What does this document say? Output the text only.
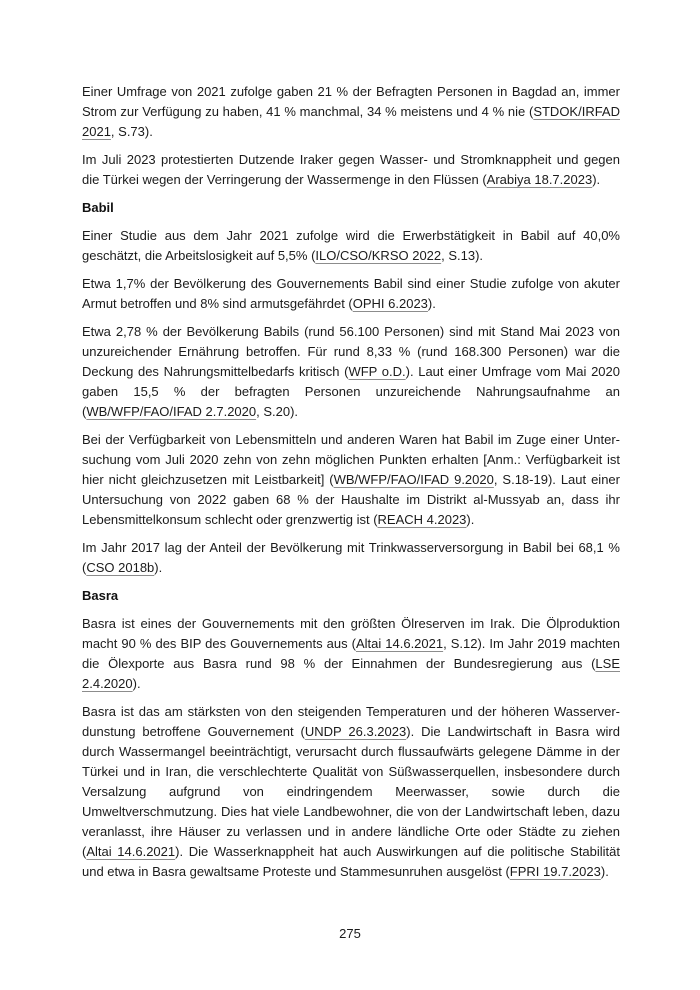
Einer Umfrage von 2021 zufolge gaben 21 % der Befragten Personen in Bagdad an, immer Strom zur Verfügung zu haben, 41 % manchmal, 34 % meistens und 4 % nie (STDOK/IRFAD 2021, S.73).

Im Juli 2023 protestierten Dutzende Iraker gegen Wasser- und Stromknappheit und gegen die Türkei wegen der Verringerung der Wassermenge in den Flüssen (Arabiya 18.7.2023).

Babil

Einer Studie aus dem Jahr 2021 zufolge wird die Erwerbstätigkeit in Babil auf 40,0% geschätzt, die Arbeitslosigkeit auf 5,5% (ILO/CSO/KRSO 2022, S.13).

Etwa 1,7% der Bevölkerung des Gouvernements Babil sind einer Studie zufolge von akuter Armut betroffen und 8% sind armutsgefährdet (OPHI 6.2023).

Etwa 2,78 % der Bevölkerung Babils (rund 56.100 Personen) sind mit Stand Mai 2023 von unzureichender Ernährung betroffen. Für rund 8,33 % (rund 168.300 Personen) war die Deckung des Nahrungsmittelbedarfs kritisch (WFP o.D.). Laut einer Umfrage vom Mai 2020 gaben 15,5 % der befragten Personen unzureichende Nahrungsaufnahme an (WB/WFP/FAO/IFAD 2.7.2020, S.20).

Bei der Verfügbarkeit von Lebensmitteln und anderen Waren hat Babil im Zuge einer Untersuchung vom Juli 2020 zehn von zehn möglichen Punkten erhalten [Anm.: Verfügbarkeit ist hier nicht gleichzusetzen mit Leistbarkeit] (WB/WFP/FAO/IFAD 9.2020, S.18-19). Laut einer Untersuchung von 2022 gaben 68 % der Haushalte im Distrikt al-Mussyab an, dass ihr Lebensmittelkonsum schlecht oder grenzwertig ist (REACH 4.2023).

Im Jahr 2017 lag der Anteil der Bevölkerung mit Trinkwasserversorgung in Babil bei 68,1 % (CSO 2018b).

Basra

Basra ist eines der Gouvernements mit den größten Ölreserven im Irak. Die Ölproduktion macht 90 % des BIP des Gouvernements aus (Altai 14.6.2021, S.12). Im Jahr 2019 machten die Ölexporte aus Basra rund 98 % der Einnahmen der Bundesregierung aus (LSE 2.4.2020).

Basra ist das am stärksten von den steigenden Temperaturen und der höheren Wasserverdunstung betroffene Gouvernement (UNDP 26.3.2023). Die Landwirtschaft in Basra wird durch Wassermangel beeinträchtigt, verursacht durch flussaufwärts gelegene Dämme in der Türkei und in Iran, die verschlechterte Qualität von Süßwasserquellen, insbesondere durch Versalzung aufgrund von eindringendem Meerwasser, sowie durch die Umweltverschmutzung. Dies hat viele Landbewohner, die von der Landwirtschaft leben, dazu veranlasst, ihre Häuser zu verlassen und in andere ländliche Orte oder Städte zu ziehen (Altai 14.6.2021). Die Wasserknappheit hat auch Auswirkungen auf die politische Stabilität und etwa in Basra gewaltsame Proteste und Stammesunruhen ausgelöst (FPRI 19.7.2023).

275
